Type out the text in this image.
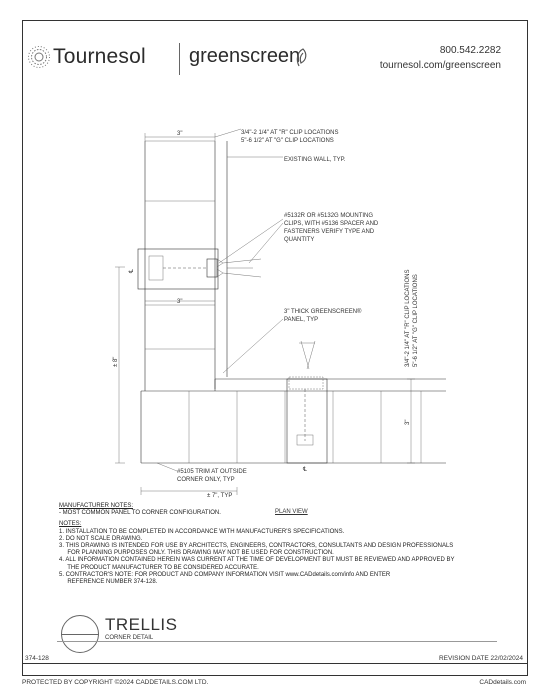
Tournesol greenscreen	800.542.2282
tournesol.com/greenscreen
3"
± 8"
℄
3"
3"
3/4"-2 1/4" AT "R" CLIP LOCATIONS 5"-6 1/2" AT "G" CLIP LOCATIONS
3/4"-2 1/4" AT "R" CLIP LOCATIONS
5"-6 1/2" AT "G" CLIP LOCATIONS
EXISTING WALL, TYP.
#5132R OR #5132G MOUNTING
CLIPS, WITH #5136 SPACER AND
FASTENERS VERIFY TYPE AND
QUANTITY
3" THICK GREENSCREEN®
PANEL, TYP
#5105 TRIM AT OUTSIDE
CORNER ONLY, TYP
℄
± 7", TYP
PLAN VIEW
MANUFACTURER NOTES:
- MOST COMMON PANEL TO CORNER CONFIGURATION.
NOTES:
1. INSTALLATION TO BE COMPLETED IN ACCORDANCE WITH MANUFACTURER'S SPECIFICATIONS.
2. DO NOT SCALE DRAWING.
3. THIS DRAWING IS INTENDED FOR USE BY ARCHITECTS, ENGINEERS, CONTRACTORS, CONSULTANTS AND DESIGN PROFESSIONALS
FOR PLANNING PURPOSES ONLY. THIS DRAWING MAY NOT BE USED FOR CONSTRUCTION.
4. ALL INFORMATION CONTAINED HEREIN WAS CURRENT AT THE TIME OF DEVELOPMENT BUT MUST BE REVIEWED AND APPROVED BY
THE PRODUCT MANUFACTURER TO BE CONSIDERED ACCURATE.
5. CONTRACTOR'S NOTE: FOR PRODUCT AND COMPANY INFORMATION VISIT www.CADdetails.com/info AND ENTER
REFERENCE NUMBER 374-128.
TRELLIS
CORNER DETAIL
374-128	REVISION DATE 22/02/2024
PROTECTED BY COPYRIGHT ©2024 CADDETAILS.COM LTD.	CADdetails.com
